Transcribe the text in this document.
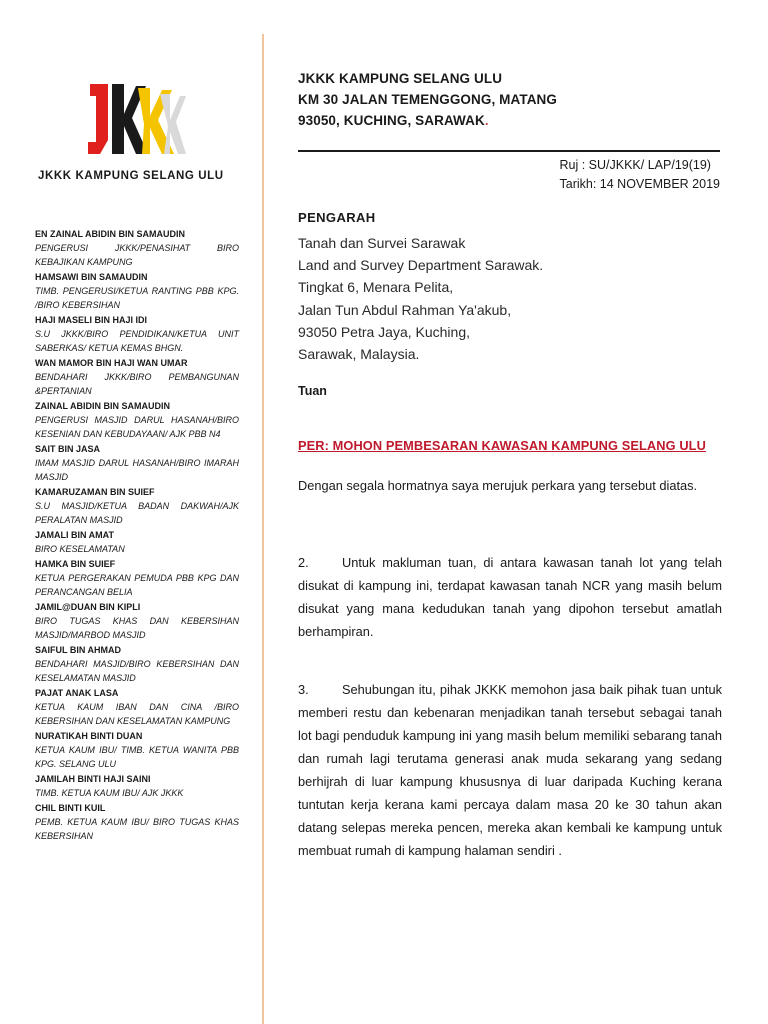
JKKK KAMPUNG SELANG ULU
EN ZAINAL ABIDIN BIN SAMAUDIN
PENGERUSI JKKK/PENASIHAT BIRO KEBAJIKAN KAMPUNG
HAMSAWI BIN SAMAUDIN
TIMB. PENGERUSI/KETUA RANTING PBB KPG. /BIRO KEBERSIHAN
HAJI MASELI BIN HAJI IDI
S.U JKKK/BIRO PENDIDIKAN/KETUA UNIT SABERKAS/ KETUA KEMAS BHGN.
WAN MAMOR BIN HAJI WAN UMAR
BENDAHARI JKKK/BIRO PEMBANGUNAN &PERTANIAN
ZAINAL ABIDIN BIN SAMAUDIN
PENGERUSI MASJID DARUL HASANAH/BIRO KESENIAN DAN KEBUDAYAAN/ AJK PBB N4
SAIT BIN JASA
IMAM MASJID DARUL HASANAH/BIRO IMARAH MASJID
KAMARUZAMAN BIN SUIEF
S.U MASJID/KETUA BADAN DAKWAH/AJK PERALATAN MASJID
JAMALI BIN AMAT
BIRO KESELAMATAN
HAMKA BIN SUIEF
KETUA PERGERAKAN PEMUDA PBB KPG DAN PERANCANGAN BELIA
JAMIL@DUAN BIN KIPLI
BIRO TUGAS KHAS DAN KEBERSIHAN MASJID/MARBOD MASJID
SAIFUL BIN AHMAD
BENDAHARI MASJID/BIRO KEBERSIHAN DAN KESELAMATAN MASJID
PAJAT ANAK LASA
KETUA KAUM IBAN DAN CINA /BIRO KEBERSIHAN DAN KESELAMATAN KAMPUNG
NURATIKAH BINTI DUAN
KETUA KAUM IBU/ TIMB. KETUA WANITA PBB KPG. SELANG ULU
JAMILAH BINTI HAJI SAINI
TIMB. KETUA KAUM IBU/ AJK JKKK
CHIL BINTI KUIL
PEMB. KETUA KAUM IBU/ BIRO TUGAS KHAS KEBERSIHAN
JKKK KAMPUNG SELANG ULU
KM 30 JALAN TEMENGGONG, MATANG
93050, KUCHING, SARAWAK.
Ruj : SU/JKKK/ LAP/19(19)
Tarikh: 14 NOVEMBER 2019
PENGARAH
Tanah dan Survei Sarawak
Land and Survey Department Sarawak.
Tingkat 6, Menara Pelita,
Jalan Tun Abdul Rahman Ya'akub,
93050 Petra Jaya, Kuching,
Sarawak, Malaysia.
Tuan
PER: MOHON PEMBESARAN KAWASAN KAMPUNG SELANG ULU
Dengan segala hormatnya saya merujuk perkara yang tersebut diatas.
2.	Untuk makluman tuan, di antara kawasan tanah lot yang telah disukat di kampung ini, terdapat kawasan tanah NCR yang masih belum disukat yang mana kedudukan tanah yang dipohon tersebut amatlah berhampiran.
3.	Sehubungan itu, pihak JKKK memohon jasa baik pihak tuan untuk memberi restu dan kebenaran menjadikan tanah tersebut sebagai tanah lot bagi penduduk kampung ini yang masih belum memiliki sebarang tanah dan rumah lagi terutama generasi anak muda sekarang yang sedang berhijrah di luar kampung khususnya di luar daripada Kuching kerana tuntutan kerja kerana kami percaya dalam masa 20 ke 30 tahun akan datang selepas mereka pencen, mereka akan kembali ke kampung untuk membuat rumah di kampung halaman sendiri .
